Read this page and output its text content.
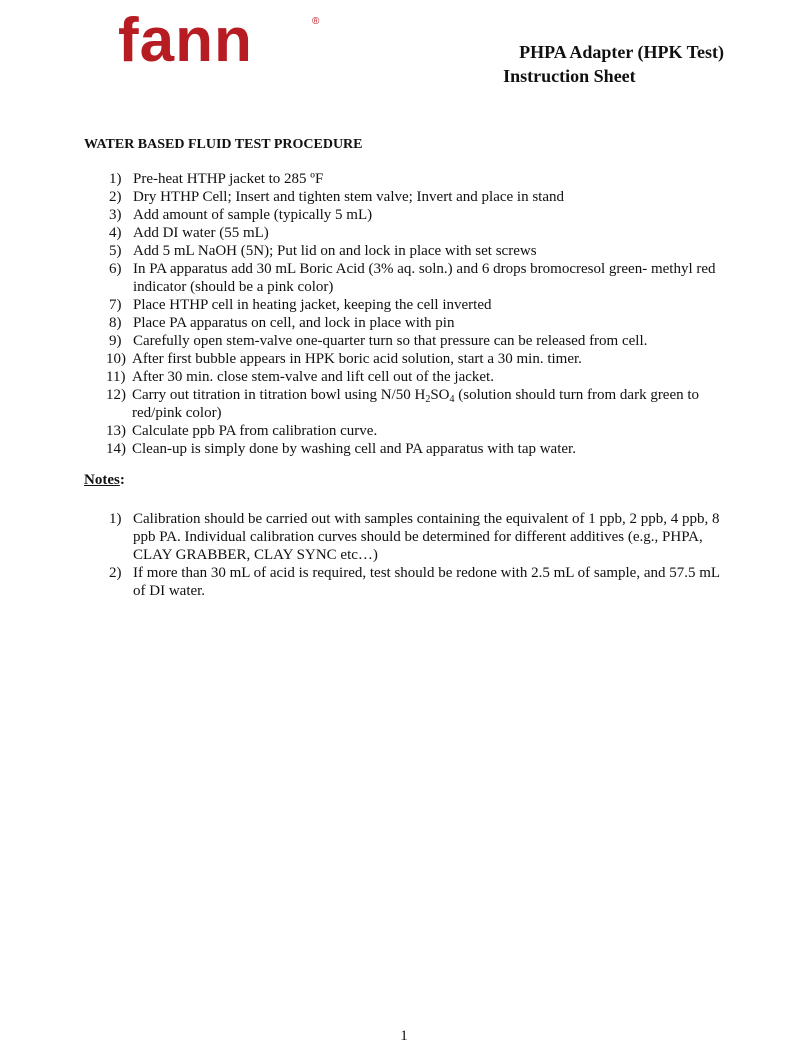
fann	®
PHPA Adapter (HPK Test)
Instruction Sheet
WATER BASED FLUID TEST PROCEDURE
1) Pre-heat HTHP jacket to 285 ºF
2) Dry HTHP Cell; Insert and tighten stem valve; Invert and place in stand
3) Add amount of sample (typically 5 mL)
4) Add DI water (55 mL)
5) Add 5 mL NaOH (5N); Put lid on and lock in place with set screws
6) In PA apparatus add 30 mL Boric Acid (3% aq. soln.) and 6 drops bromocresol green- methyl red indicator (should be a pink color)
7) Place HTHP cell in heating jacket, keeping the cell inverted
8) Place PA apparatus on cell, and lock in place with pin
9) Carefully open stem-valve one-quarter turn so that pressure can be released from cell.
10) After first bubble appears in HPK boric acid solution, start a 30 min. timer.
11) After 30 min. close stem-valve and lift cell out of the jacket.
12) Carry out titration in titration bowl using N/50 $H_2SO_4$ (solution should turn from dark green to red/pink color)
13) Calculate ppb PA from calibration curve.
14) Clean-up is simply done by washing cell and PA apparatus with tap water.
Notes:
1) Calibration should be carried out with samples containing the equivalent of 1 ppb, 2 ppb, 4 ppb, 8 ppb PA. Individual calibration curves should be determined for different additives (e.g., PHPA, CLAY GRABBER, CLAY SYNC etc…)
2) If more than 30 mL of acid is required, test should be redone with 2.5 mL of sample, and 57.5 mL of DI water.
1
